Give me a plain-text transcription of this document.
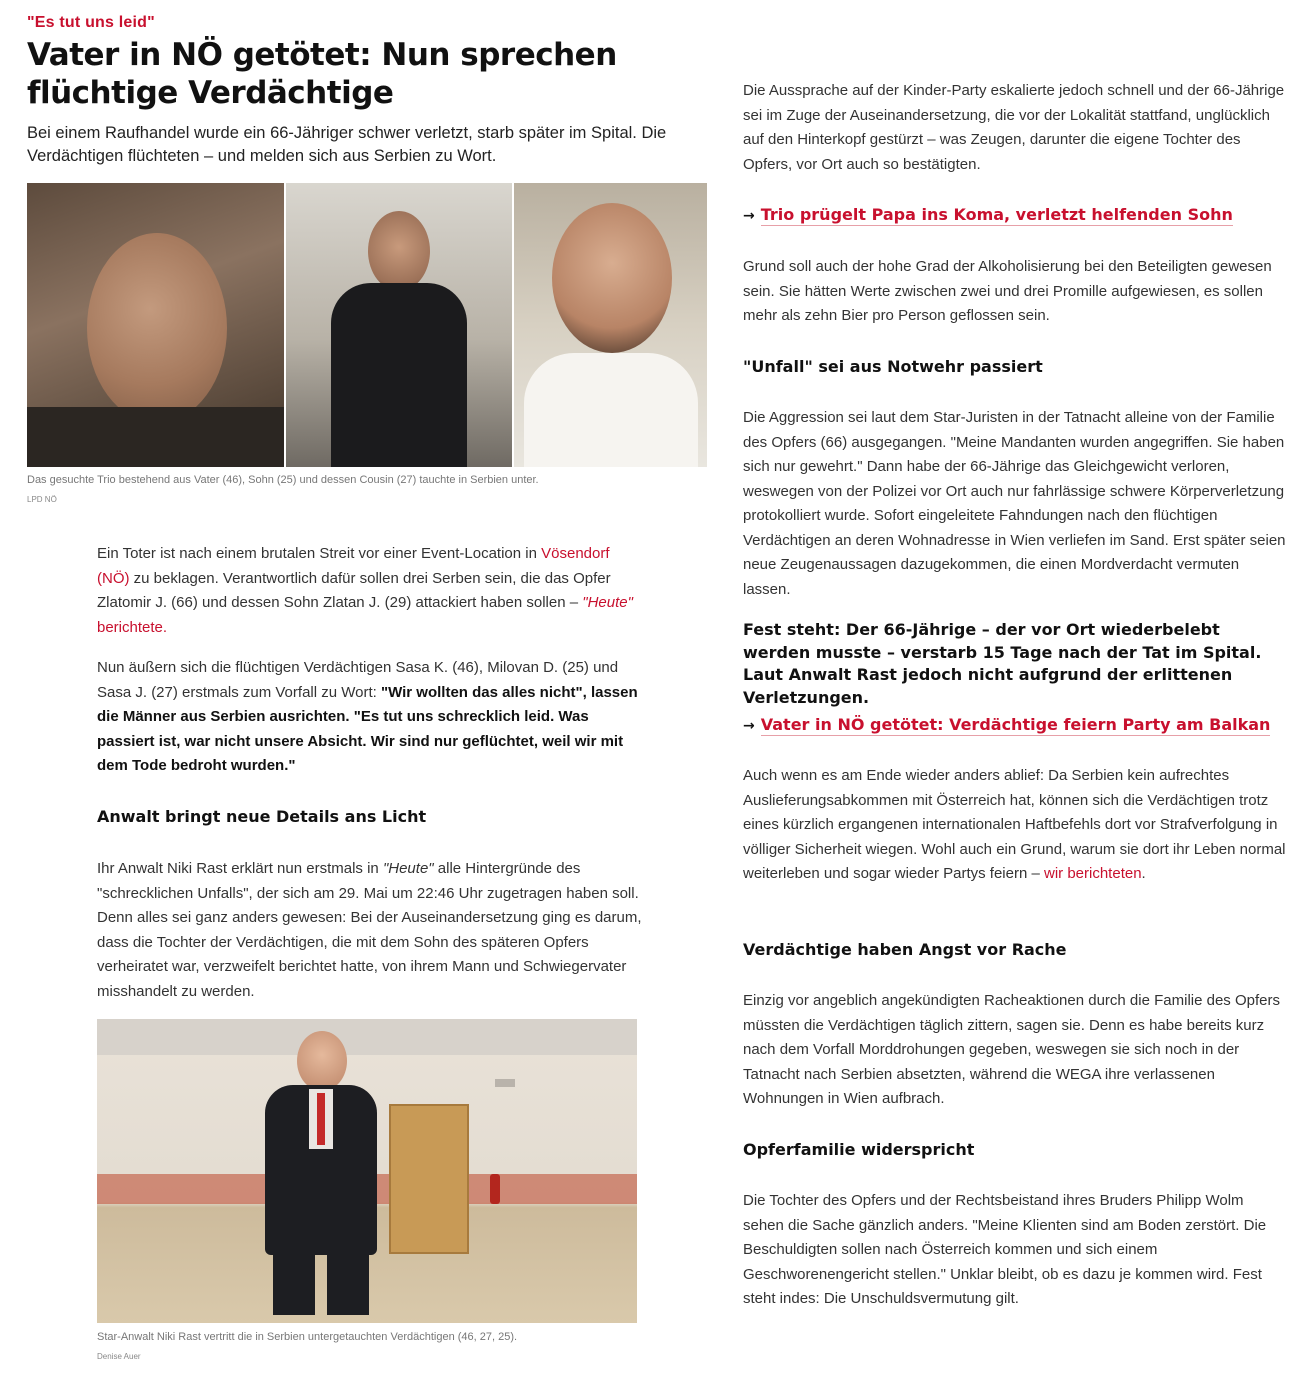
"Es tut uns leid"
Vater in NÖ getötet: Nun sprechen flüchtige Verdächtige
Bei einem Raufhandel wurde ein 66-Jähriger schwer verletzt, starb später im Spital. Die Verdächtigen flüchteten – und melden sich aus Serbien zu Wort.
Das gesuchte Trio bestehend aus Vater (46), Sohn (25) und dessen Cousin (27) tauchte in Serbien unter.
LPD NÖ

Ein Toter ist nach einem brutalen Streit vor einer Event-Location in Vösendorf (NÖ) zu beklagen. Verantwortlich dafür sollen drei Serben sein, die das Opfer Zlatomir J. (66) und dessen Sohn Zlatan J. (29) attackiert haben sollen – "Heute" berichtete.

Nun äußern sich die flüchtigen Verdächtigen Sasa K. (46), Milovan D. (25) und Sasa J. (27) erstmals zum Vorfall zu Wort: "Wir wollten das alles nicht", lassen die Männer aus Serbien ausrichten. "Es tut uns schrecklich leid. Was passiert ist, war nicht unsere Absicht. Wir sind nur geflüchtet, weil wir mit dem Tode bedroht wurden."

Anwalt bringt neue Details ans Licht

Ihr Anwalt Niki Rast erklärt nun erstmals in "Heute" alle Hintergründe des "schrecklichen Unfalls", der sich am 29. Mai um 22:46 Uhr zugetragen haben soll. Denn alles sei ganz anders gewesen: Bei der Auseinandersetzung ging es darum, dass die Tochter der Verdächtigen, die mit dem Sohn des späteren Opfers verheiratet war, verzweifelt berichtet hatte, von ihrem Mann und Schwiegervater misshandelt zu werden.

Star-Anwalt Niki Rast vertritt die in Serbien untergetauchten Verdächtigen (46, 27, 25).
Denise Auer

Die Aussprache auf der Kinder-Party eskalierte jedoch schnell und der 66-Jährige sei im Zuge der Auseinandersetzung, die vor der Lokalität stattfand, unglücklich auf den Hinterkopf gestürzt – was Zeugen, darunter die eigene Tochter des Opfers, vor Ort auch so bestätigten.

→ Trio prügelt Papa ins Koma, verletzt helfenden Sohn

Grund soll auch der hohe Grad der Alkoholisierung bei den Beteiligten gewesen sein. Sie hätten Werte zwischen zwei und drei Promille aufgewiesen, es sollen mehr als zehn Bier pro Person geflossen sein.

"Unfall" sei aus Notwehr passiert

Die Aggression sei laut dem Star-Juristen in der Tatnacht alleine von der Familie des Opfers (66) ausgegangen. "Meine Mandanten wurden angegriffen. Sie haben sich nur gewehrt." Dann habe der 66-Jährige das Gleichgewicht verloren, weswegen von der Polizei vor Ort auch nur fahrlässige schwere Körperverletzung protokolliert wurde. Sofort eingeleitete Fahndungen nach den flüchtigen Verdächtigen an deren Wohnadresse in Wien verliefen im Sand. Erst später seien neue Zeugenaussagen dazugekommen, die einen Mordverdacht vermuten lassen.

Fest steht: Der 66-Jährige – der vor Ort wiederbelebt werden musste – verstarb 15 Tage nach der Tat im Spital. Laut Anwalt Rast jedoch nicht aufgrund der erlittenen Verletzungen.
→ Vater in NÖ getötet: Verdächtige feiern Party am Balkan

Auch wenn es am Ende wieder anders ablief: Da Serbien kein aufrechtes Auslieferungsabkommen mit Österreich hat, können sich die Verdächtigen trotz eines kürzlich ergangenen internationalen Haftbefehls dort vor Strafverfolgung in völliger Sicherheit wiegen. Wohl auch ein Grund, warum sie dort ihr Leben normal weiterleben und sogar wieder Partys feiern – wir berichteten.

Verdächtige haben Angst vor Rache

Einzig vor angeblich angekündigten Racheaktionen durch die Familie des Opfers müssten die Verdächtigen täglich zittern, sagen sie. Denn es habe bereits kurz nach dem Vorfall Morddrohungen gegeben, weswegen sie sich noch in der Tatnacht nach Serbien absetzten, während die WEGA ihre verlassenen Wohnungen in Wien aufbrach.

Opferfamilie widerspricht

Die Tochter des Opfers und der Rechtsbeistand ihres Bruders Philipp Wolm sehen die Sache gänzlich anders. "Meine Klienten sind am Boden zerstört. Die Beschuldigten sollen nach Österreich kommen und sich einem Geschworenengericht stellen." Unklar bleibt, ob es dazu je kommen wird. Fest steht indes: Die Unschuldsvermutung gilt.
